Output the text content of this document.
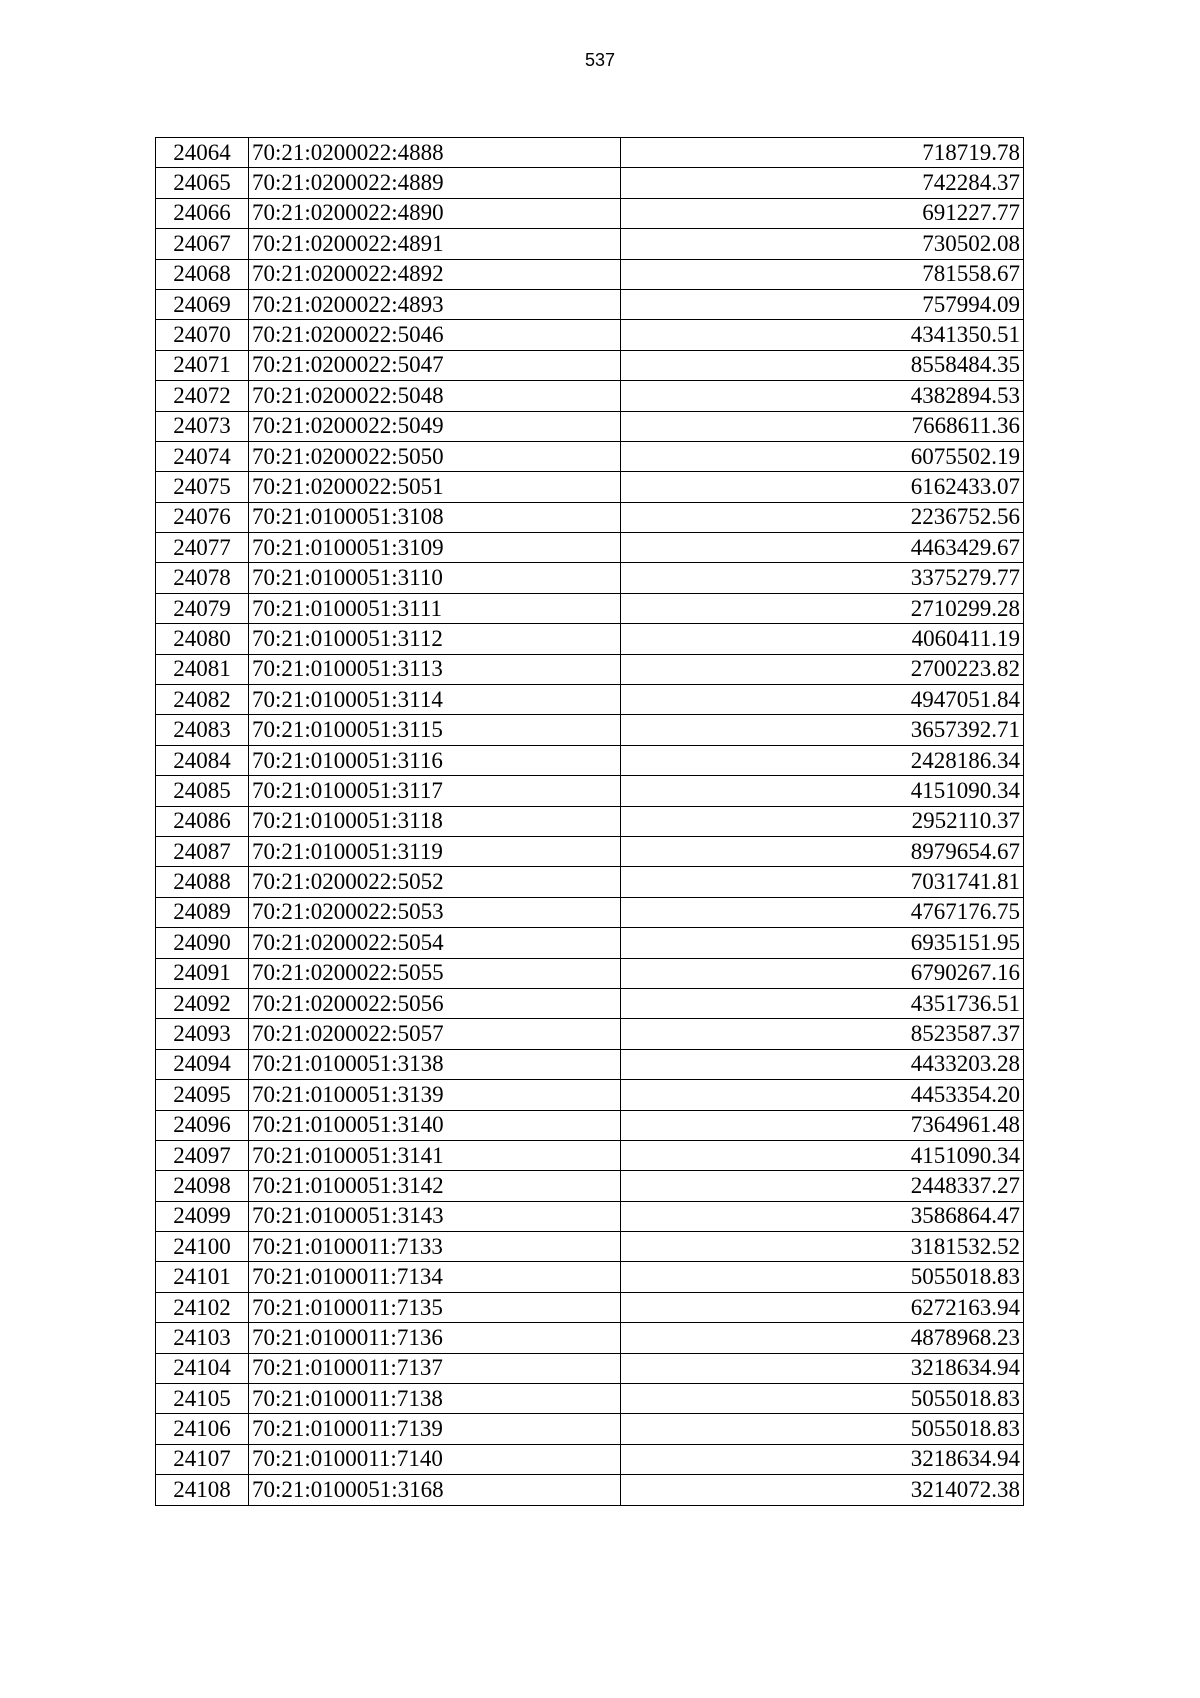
537
24064	70:21:0200022:4888	718719.78
24065	70:21:0200022:4889	742284.37
24066	70:21:0200022:4890	691227.77
24067	70:21:0200022:4891	730502.08
24068	70:21:0200022:4892	781558.67
24069	70:21:0200022:4893	757994.09
24070	70:21:0200022:5046	4341350.51
24071	70:21:0200022:5047	8558484.35
24072	70:21:0200022:5048	4382894.53
24073	70:21:0200022:5049	7668611.36
24074	70:21:0200022:5050	6075502.19
24075	70:21:0200022:5051	6162433.07
24076	70:21:0100051:3108	2236752.56
24077	70:21:0100051:3109	4463429.67
24078	70:21:0100051:3110	3375279.77
24079	70:21:0100051:3111	2710299.28
24080	70:21:0100051:3112	4060411.19
24081	70:21:0100051:3113	2700223.82
24082	70:21:0100051:3114	4947051.84
24083	70:21:0100051:3115	3657392.71
24084	70:21:0100051:3116	2428186.34
24085	70:21:0100051:3117	4151090.34
24086	70:21:0100051:3118	2952110.37
24087	70:21:0100051:3119	8979654.67
24088	70:21:0200022:5052	7031741.81
24089	70:21:0200022:5053	4767176.75
24090	70:21:0200022:5054	6935151.95
24091	70:21:0200022:5055	6790267.16
24092	70:21:0200022:5056	4351736.51
24093	70:21:0200022:5057	8523587.37
24094	70:21:0100051:3138	4433203.28
24095	70:21:0100051:3139	4453354.20
24096	70:21:0100051:3140	7364961.48
24097	70:21:0100051:3141	4151090.34
24098	70:21:0100051:3142	2448337.27
24099	70:21:0100051:3143	3586864.47
24100	70:21:0100011:7133	3181532.52
24101	70:21:0100011:7134	5055018.83
24102	70:21:0100011:7135	6272163.94
24103	70:21:0100011:7136	4878968.23
24104	70:21:0100011:7137	3218634.94
24105	70:21:0100011:7138	5055018.83
24106	70:21:0100011:7139	5055018.83
24107	70:21:0100011:7140	3218634.94
24108	70:21:0100051:3168	3214072.38
